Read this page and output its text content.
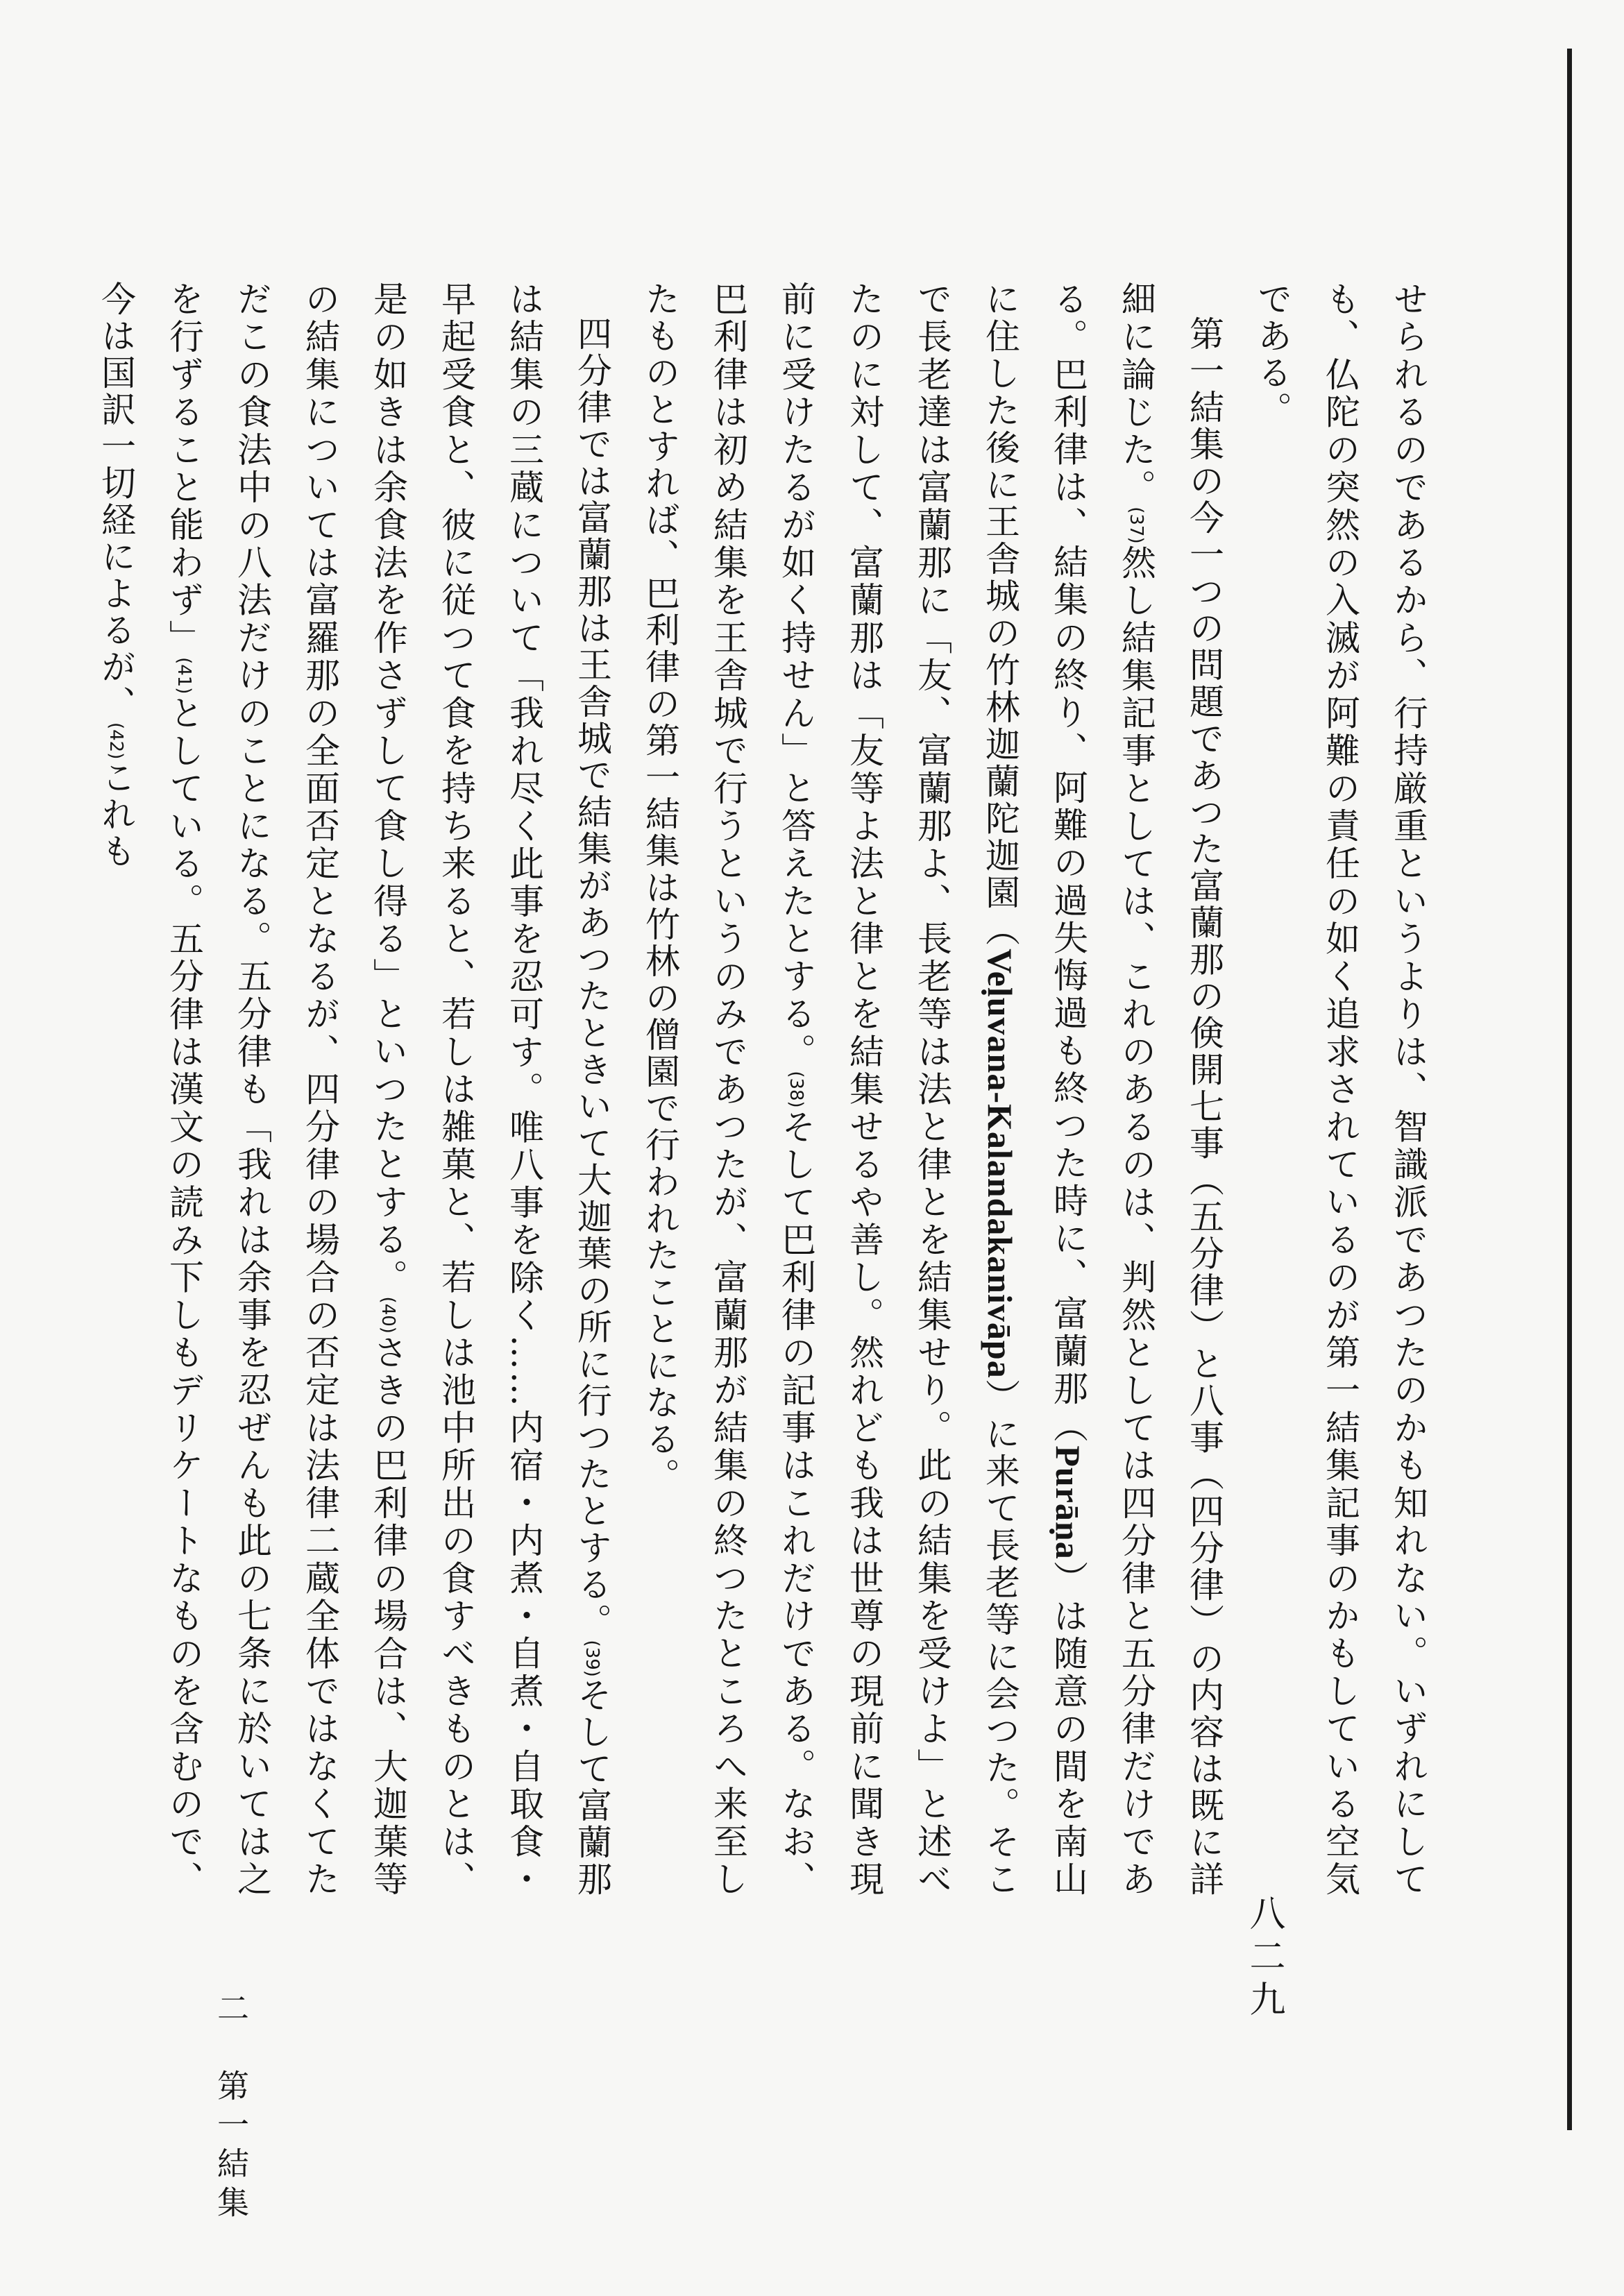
せられるのであるから、行持厳重というよりは、智識派であつたのかも知れない。いずれにしても、仏陀の突然の入滅が阿難の責任の如く追求されているのが第一結集記事のかもしている空気である。

第一結集の今一つの問題であつた富蘭那の倹開七事（五分律）と八事（四分律）の内容は既に詳細に論じた。(37)然し結集記事としては、これのあるのは、判然としては四分律と五分律だけである。巴利律は、結集の終り、阿難の過失悔過も終つた時に、富蘭那（Purāṇa）は随意の間を南山に住した後に王舎城の竹林迦蘭陀迦園（Veḷuvana-Kalandakanivāpa）に来て長老等に会つた。そこで長老達は富蘭那に「友、富蘭那よ、長老等は法と律とを結集せり。此の結集を受けよ」と述べたのに対して、富蘭那は「友等よ法と律とを結集せるや善し。然れども我は世尊の現前に聞き現前に受けたるが如く持せん」と答えたとする。(38)そして巴利律の記事はこれだけである。なお、巴利律は初め結集を王舎城で行うというのみであつたが、富蘭那が結集の終つたところへ来至したものとすれば、巴利律の第一結集は竹林の僧園で行われたことになる。

四分律では富蘭那は王舎城で結集があつたときいて大迦葉の所に行つたとする。(39)そして富蘭那は結集の三蔵について「我れ尽く此事を忍可す。唯八事を除く……内宿・内煮・自煮・自取食・早起受食と、彼に従つて食を持ち来ると、若しは雑菓と、若しは池中所出の食すべきものとは、是の如きは余食法を作さずして食し得る」といつたとする。(40)さきの巴利律の場合は、大迦葉等の結集については富羅那の全面否定となるが、四分律の場合の否定は法律二蔵全体ではなくてただこの食法中の八法だけのことになる。五分律も「我れは余事を忍ぜんも此の七条に於いては之を行ずること能わず」(41)としている。五分律は漢文の読み下しもデリケートなものを含むので、今は国訳一切経によるが、(42)これも

八二九
二　第一結集
